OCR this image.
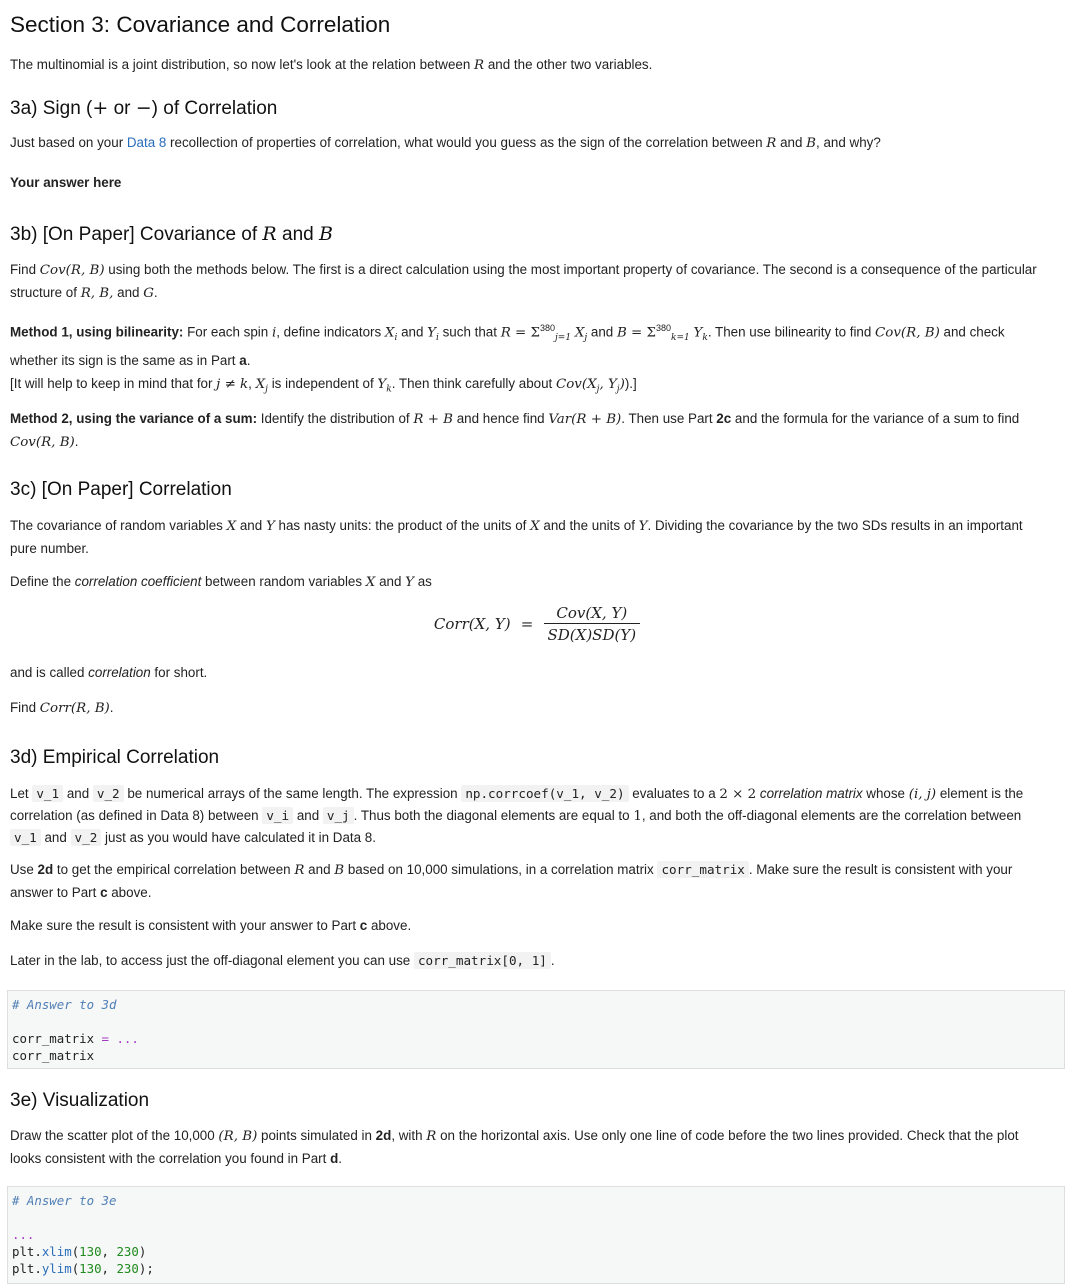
Section 3: Covariance and Correlation

The multinomial is a joint distribution, so now let's look at the relation between R and the other two variables.

3a) Sign (+ or −) of Correlation

Just based on your Data 8 recollection of properties of correlation, what would you guess as the sign of the correlation between R and B, and why?

Your answer here

3b) [On Paper] Covariance of R and B

Find Cov(R, B) using both the methods below. The first is a direct calculation using the most important property of covariance. The second is a consequence of the particular structure of R, B, and G.

Method 1, using bilinearity: For each spin i, define indicators $X_i$ and $Y_i$ such that $R = \Sigma^{380}_{j=1}$ $X_j$ and $B = \Sigma^{380}_{k=1}$ $Y_k$. Then use bilinearity to find Cov(R, B) and check whether its sign is the same as in Part a.

[It will help to keep in mind that for j ≠ k, $X_j$ is independent of $Y_k$. Then think carefully about $Cov(X_j$, $Y_j$)).]

Method 2, using the variance of a sum: Identify the distribution of R + B and hence find Var(R + B). Then use Part 2c and the formula for the variance of a sum to find Cov(R, B).

3c) [On Paper] Correlation

The covariance of random variables X and Y has nasty units: the product of the units of X and the units of Y. Dividing the covariance by the two SDs results in an important pure number.

Define the correlation coefficient between random variables X and Y as

Corr(X, $Y) = \frac{\text{Cov(X, Y)}}{SD(X)SD(Y)}$

and is called correlation for short.

Find Corr(R, B).

3d) Empirical Correlation

Let v_1 and v_2 be numerical arrays of the same length. The expression np.corrcoef(v_1, v_2) evaluates to a 2 × 2 correlation matrix whose (i, j) element is the correlation (as defined in Data 8) between v_i and v_j . Thus both the diagonal elements are equal to 1, and both the off-diagonal elements are the correlation between v_1 and v_2 just as you would have calculated it in Data 8.

Use 2d to get the empirical correlation between R and B based on 10,000 simulations, in a correlation matrix corr_matrix . Make sure the result is consistent with your answer to Part c above.

Make sure the result is consistent with your answer to Part c above.

Later in the lab, to access just the off-diagonal element you can use corr_matrix[0, 1] .

# Answer to 3d
corr_matrix = ...
corr_matrix
3e) Visualization

Draw the scatter plot of the 10,000 (R, B) points simulated in 2d, with R on the horizontal axis. Use only one line of code before the two lines provided. Check that the plot looks consistent with the correlation you found in Part d.

# Answer to 3e
...
plt.xlim(130, 230)
plt.ylim(130, 230);
